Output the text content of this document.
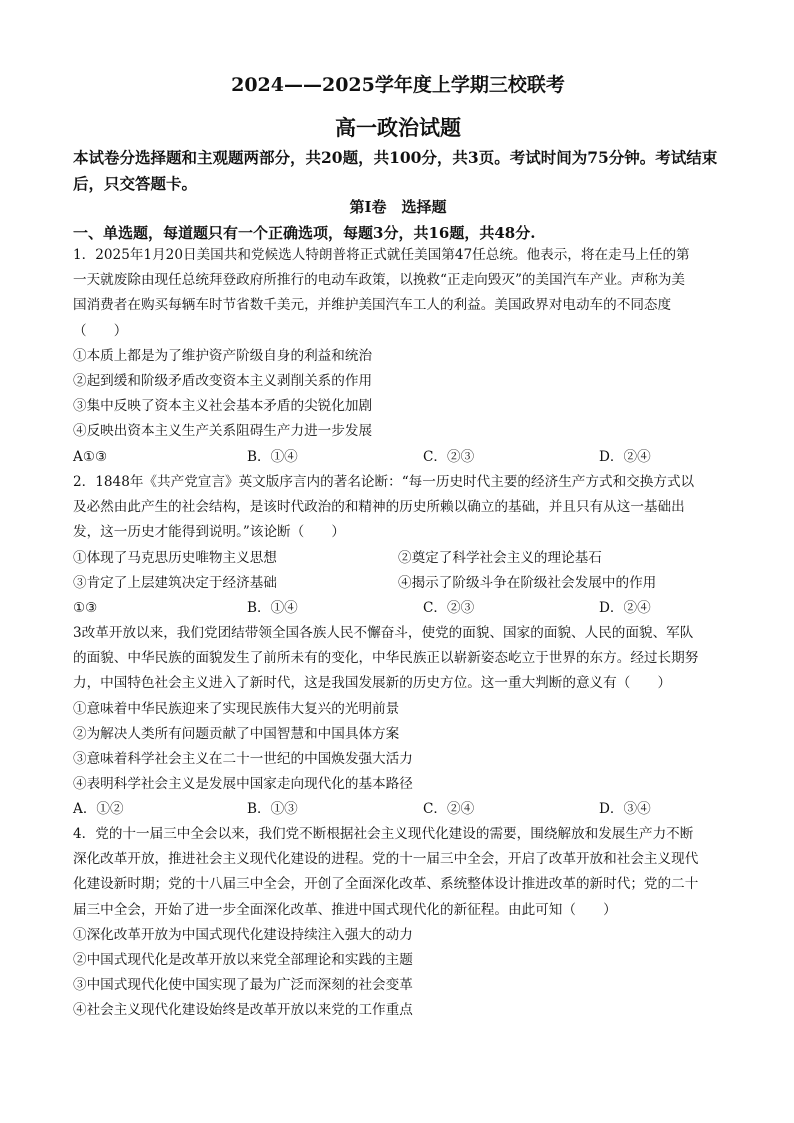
2024——2025学年度上学期三校联考
高一政治试题
本试卷分选择题和主观题两部分，共20题，共100分，共3页。考试时间为75分钟。考试结束后，只交答题卡。
第Ⅰ卷　选择题
一、单选题，每道题只有一个正确选项，每题3分，共16题，共48分.
1．2025年1月20日美国共和党候选人特朗普将正式就任美国第47任总统。他表示，将在走马上任的第
一天就废除由现任总统拜登政府所推行的电动车政策，以挽救“正走向毁灭”的美国汽车产业。声称为美
国消费者在购买每辆车时节省数千美元，并维护美国汽车工人的利益。美国政界对电动车的不同态度
（　　）
①本质上都是为了维护资产阶级自身的利益和统治
②起到缓和阶级矛盾改变资本主义剥削关系的作用
③集中反映了资本主义社会基本矛盾的尖锐化加剧
④反映出资本主义生产关系阻碍生产力进一步发展
A①③	B．①④	C．②③	D．②④
2．1848年《共产党宣言》英文版序言内的著名论断：“每一历史时代主要的经济生产方式和交换方式以
及必然由此产生的社会结构，是该时代政治的和精神的历史所赖以确立的基础，并且只有从这一基础出
发，这一历史才能得到说明。”该论断（　　）
①体现了马克思历史唯物主义思想	②奠定了科学社会主义的理论基石
③肯定了上层建筑决定于经济基础	④揭示了阶级斗争在阶级社会发展中的作用
①③	B．①④	C．②③	D．②④
3改革开放以来，我们党团结带领全国各族人民不懈奋斗，使党的面貌、国家的面貌、人民的面貌、军队
的面貌、中华民族的面貌发生了前所未有的变化，中华民族正以崭新姿态屹立于世界的东方。经过长期努
力，中国特色社会主义进入了新时代，这是我国发展新的历史方位。这一重大判断的意义有（　　）
①意味着中华民族迎来了实现民族伟大复兴的光明前景
②为解决人类所有问题贡献了中国智慧和中国具体方案
③意味着科学社会主义在二十一世纪的中国焕发强大活力
④表明科学社会主义是发展中国家走向现代化的基本路径
A．①②	B．①③	C．②④	D．③④
4．党的十一届三中全会以来，我们党不断根据社会主义现代化建设的需要，围绕解放和发展生产力不断
深化改革开放，推进社会主义现代化建设的进程。党的十一届三中全会，开启了改革开放和社会主义现代
化建设新时期；党的十八届三中全会，开创了全面深化改革、系统整体设计推进改革的新时代；党的二十
届三中全会，开始了进一步全面深化改革、推进中国式现代化的新征程。由此可知（　　）
①深化改革开放为中国式现代化建设持续注入强大的动力
②中国式现代化是改革开放以来党全部理论和实践的主题
③中国式现代化使中国实现了最为广泛而深刻的社会变革
④社会主义现代化建设始终是改革开放以来党的工作重点
